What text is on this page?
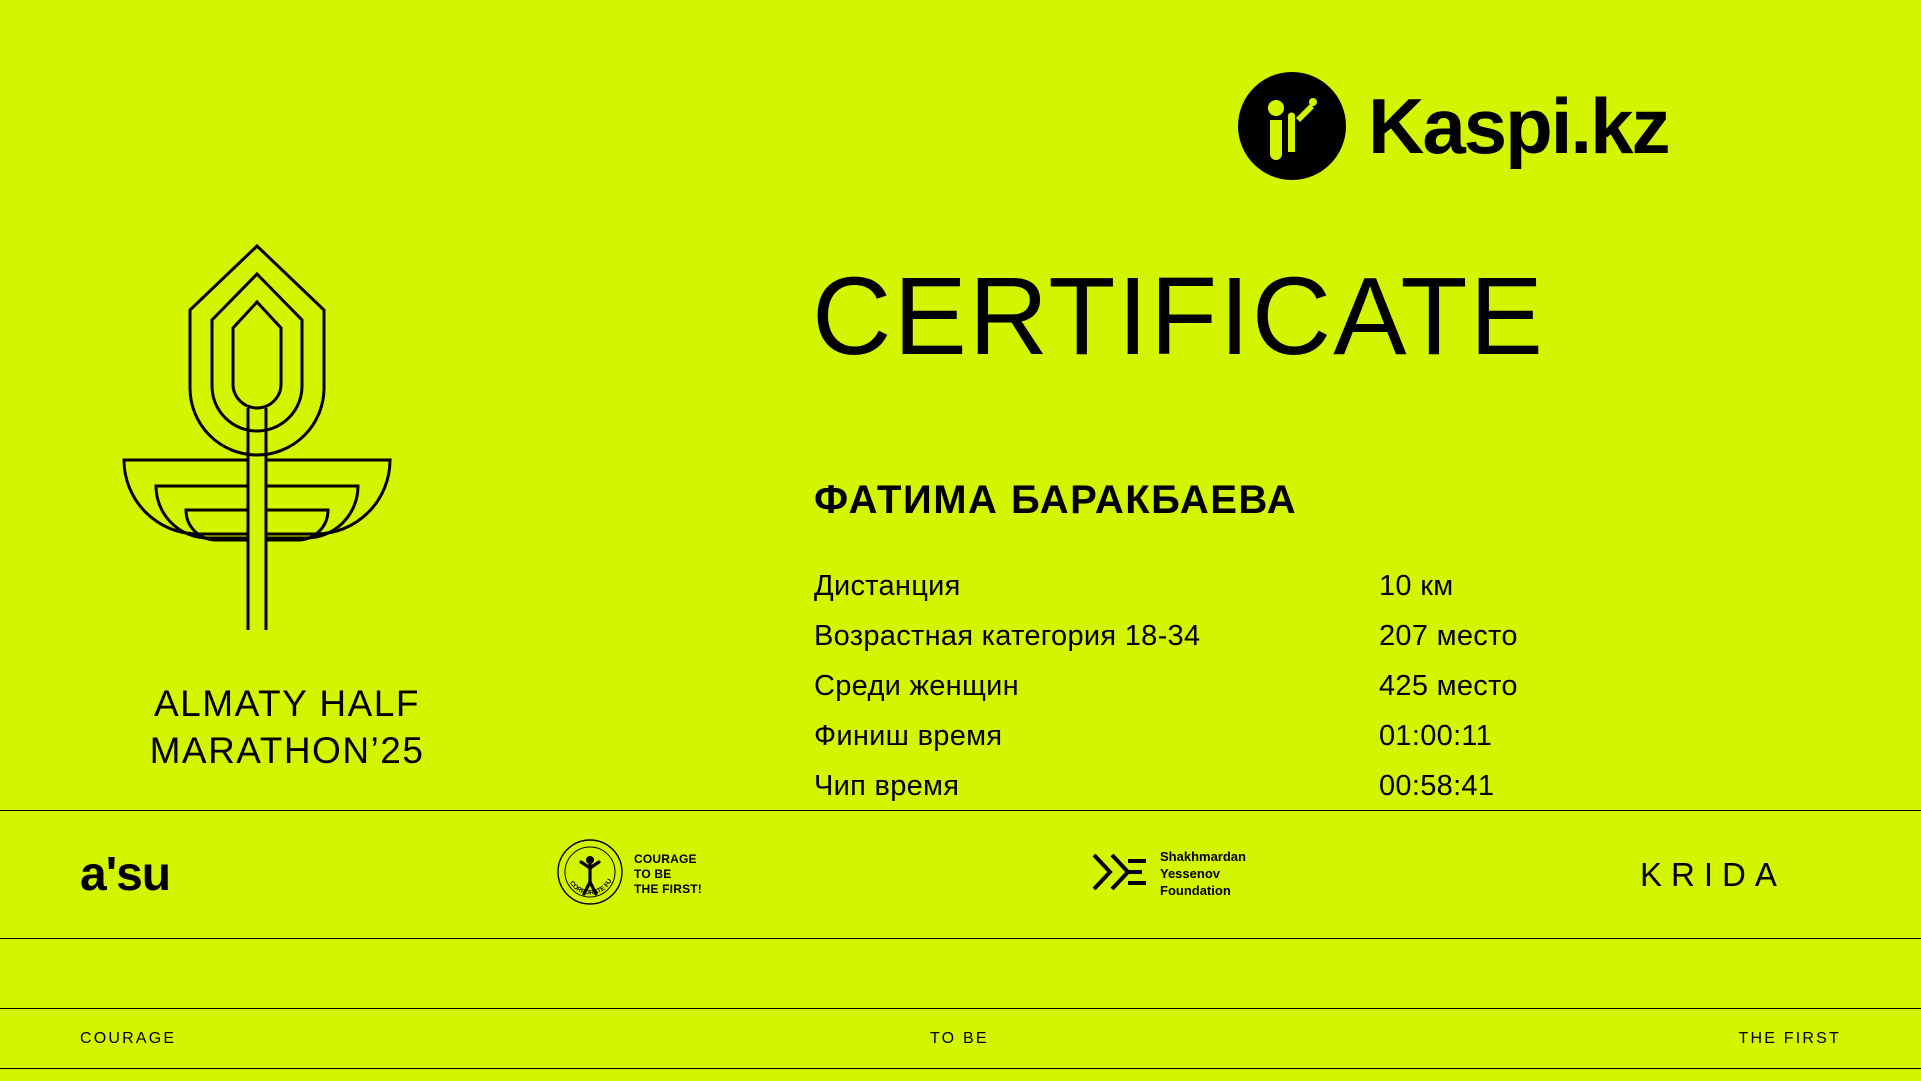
Kaspi.kz
ALMATY HALF
MARATHON’25
CERTIFICATE
ФАТИМА БАРАКБАЕВА
Дистанция	10 км
Возрастная категория 18-34	207 место
Среди женщин	425 место
Финиш время	01:00:11
Чип время	00:58:41
aʹsu	CORPORATE FU
COURAGE
TO BE
THE FIRST!
Shakhmardan
Yessenov
Foundation	KRIDA
COURAGE	TO BE	THE FIRST
